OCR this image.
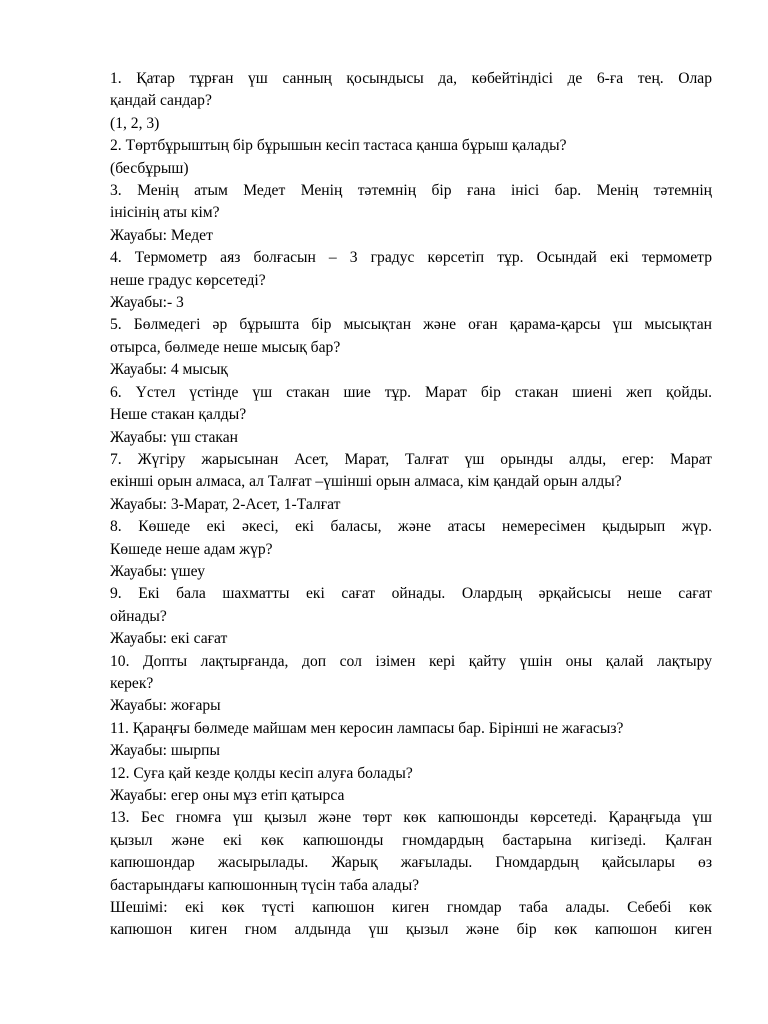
1. Қатар тұрған үш санның қосындысы да, көбейтіндісі де 6-ға тең. Олар
қандай сандар?
(1, 2, 3)
2. Төртбұрыштың бір бұрышын кесіп тастаса қанша бұрыш қалады?
(бесбұрыш)
3. Менің атым Медет Менің тәтемнің бір ғана інісі бар. Менің тәтемнің
інісінің аты кім?
Жауабы: Медет
4. Термометр аяз болғасын – 3 градус көрсетіп тұр. Осындай екі термометр
неше градус көрсетеді?
Жауабы:- 3
5. Бөлмедегі әр бұрышта бір мысықтан және оған қарама-қарсы үш мысықтан
отырса, бөлмеде неше мысық бар?
Жауабы: 4 мысық
6. Үстел үстінде үш стакан шие тұр. Марат бір стакан шиені жеп қойды.
Неше стакан қалды?
Жауабы: үш стакан
7. Жүгіру жарысынан Асет, Марат, Талғат үш орынды алды, егер: Марат
екінші орын алмаса, ал Талғат –үшінші орын алмаса, кім қандай орын алды?
Жауабы: 3-Марат, 2-Асет, 1-Талғат
8. Көшеде екі әкесі, екі баласы, және атасы немересімен қыдырып жүр.
Көшеде неше адам жүр?
Жауабы: үшеу
9. Екі бала шахматты екі сағат ойнады. Олардың әрқайсысы неше сағат
ойнады?
Жауабы: екі сағат
10. Допты лақтырғанда, доп сол ізімен кері қайту үшін оны қалай лақтыру
керек?
Жауабы: жоғары
11. Қараңғы бөлмеде майшам мен керосин лампасы бар. Бірінші не жағасыз?
Жауабы: шырпы
12. Суға қай кезде қолды кесіп алуға болады?
Жауабы: егер оны мұз етіп қатырса
13. Бес гномға үш қызыл және төрт көк капюшонды көрсетеді. Қараңғыда үш
қызыл және екі көк капюшонды гномдардың бастарына кигізеді. Қалған
капюшондар жасырылады. Жарық жағылады. Гномдардың қайсылары өз
бастарындағы капюшонның түсін таба алады?
Шешімі: екі көк түсті капюшон киген гномдар таба алады. Себебі көк
капюшон киген гном алдында үш қызыл және бір көк капюшон киген
